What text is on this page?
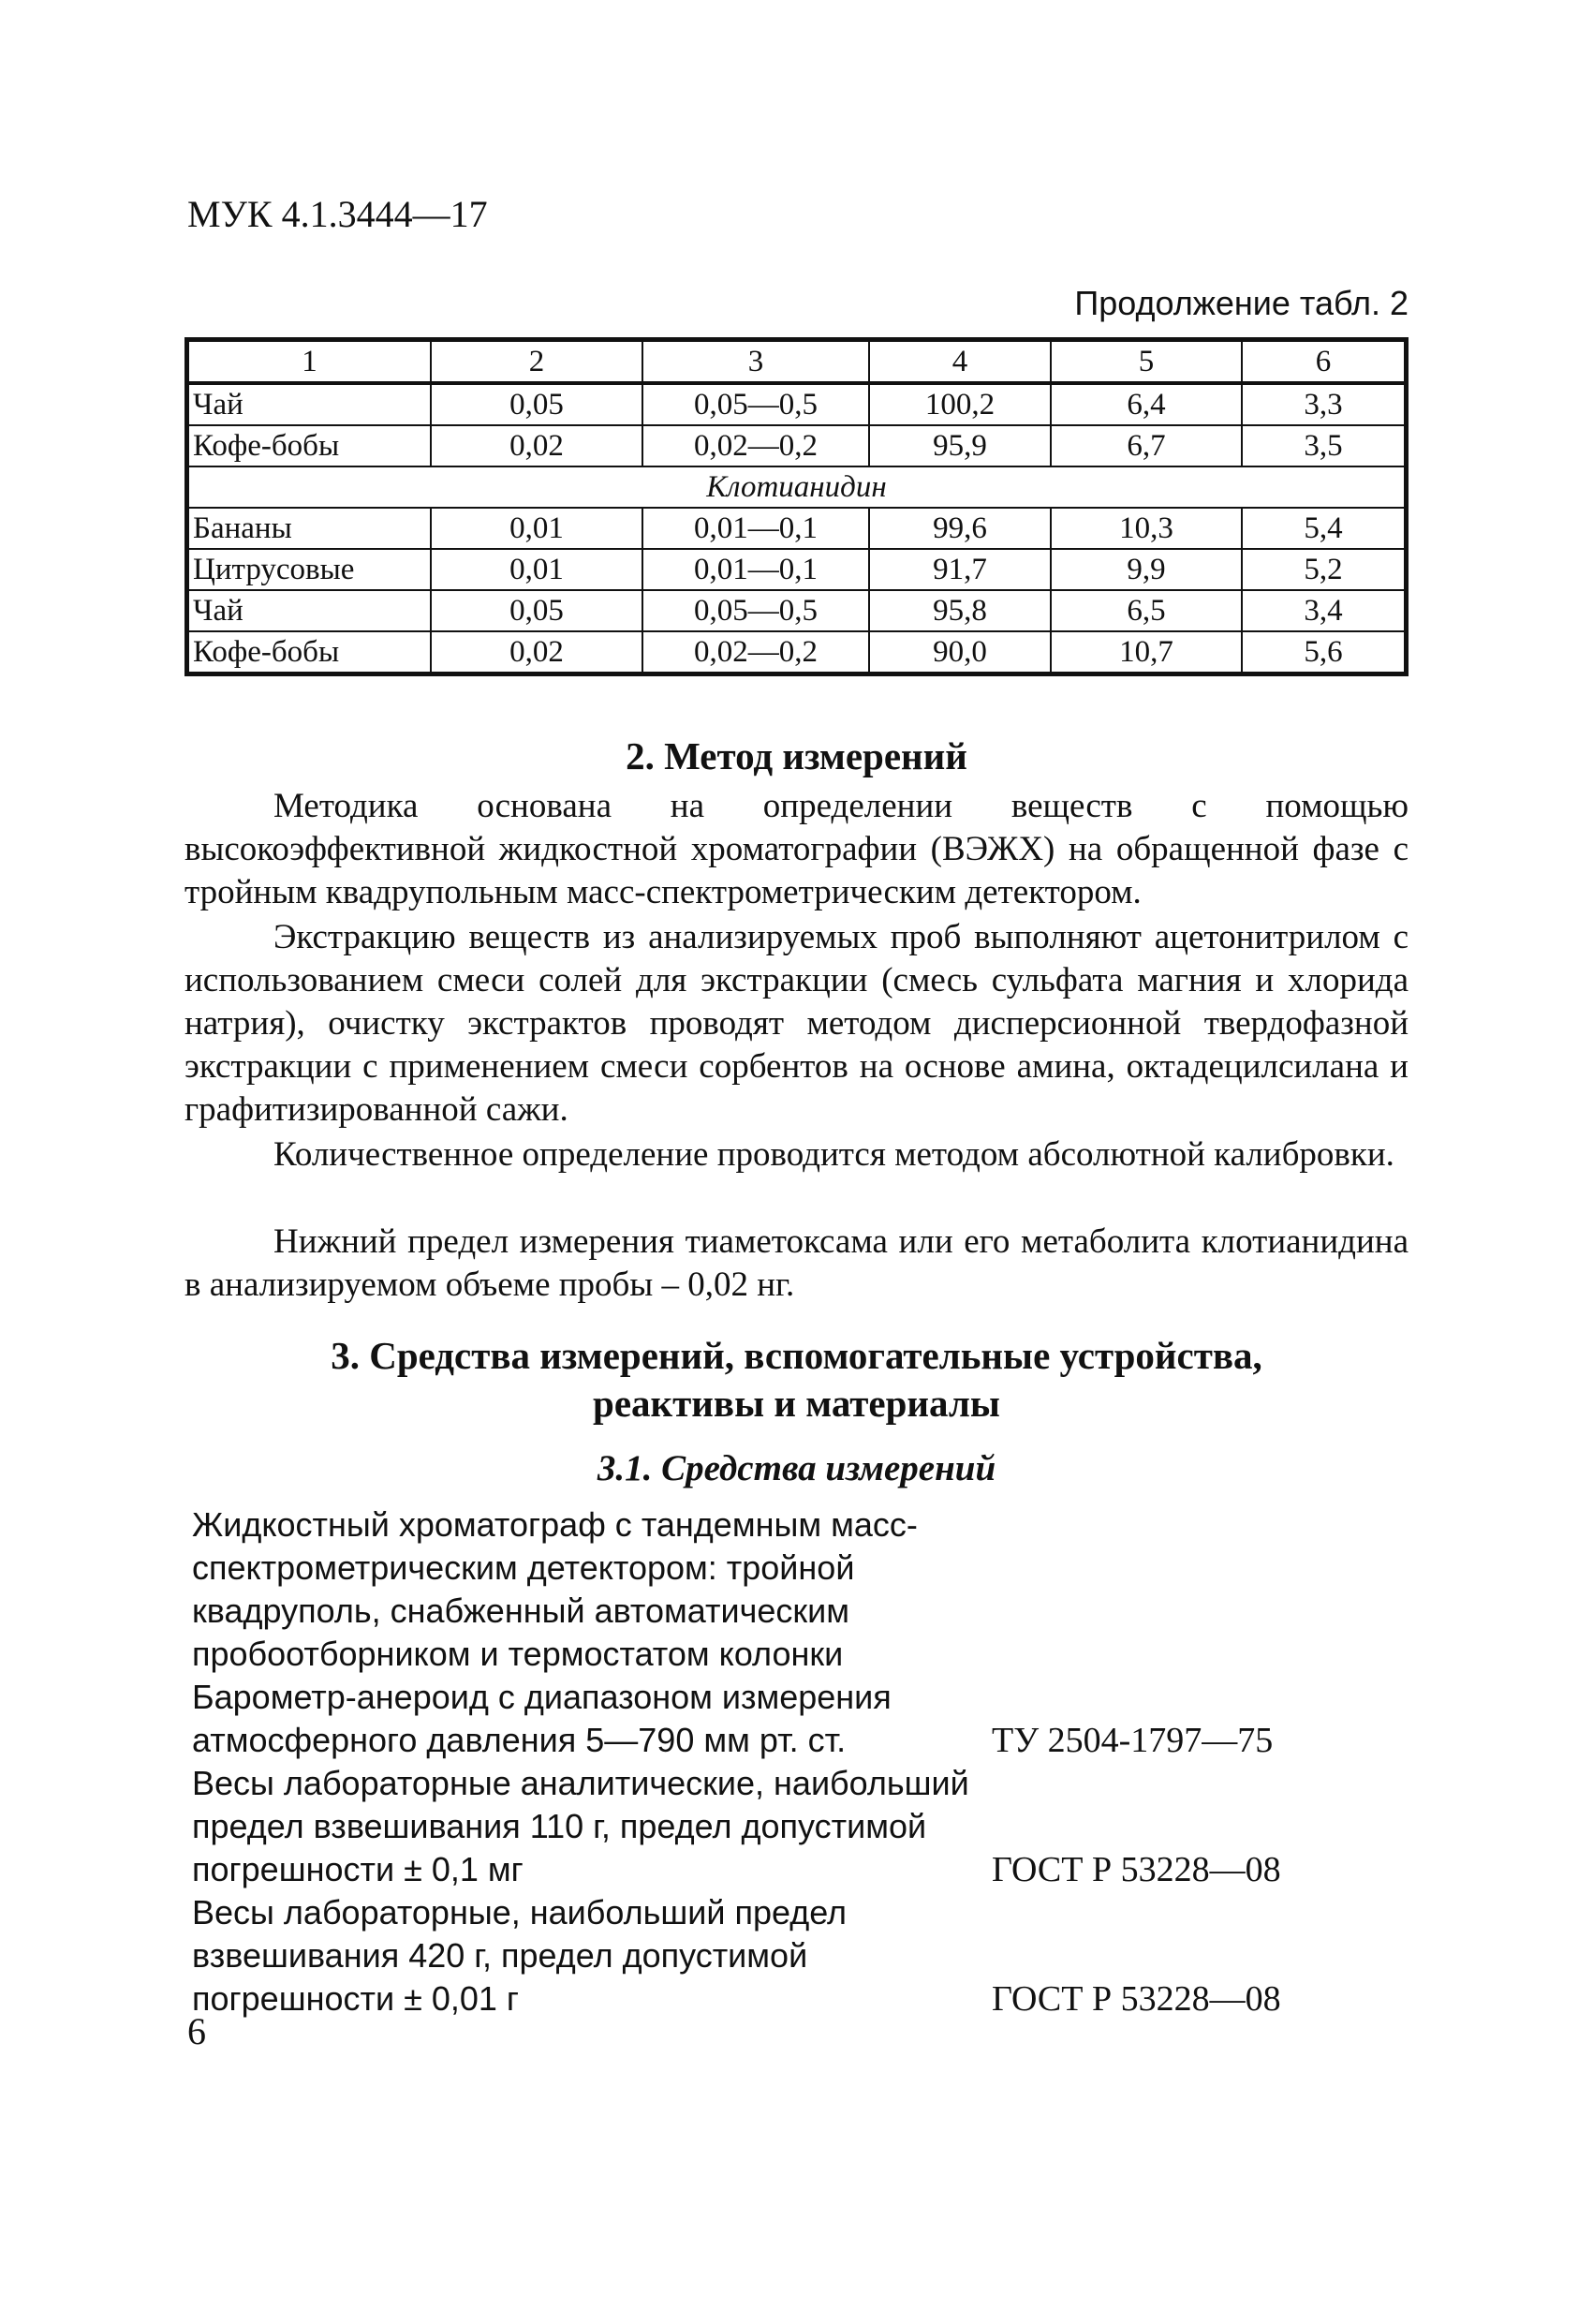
МУК 4.1.3444—17
Продолжение табл. 2
1	2	3	4	5	6
Чай	0,05	0,05—0,5	100,2	6,4	3,3
Кофе-бобы	0,02	0,02—0,2	95,9	6,7	3,5
Клотианидин					
Бананы	0,01	0,01—0,1	99,6	10,3	5,4
Цитрусовые	0,01	0,01—0,1	91,7	9,9	5,2
Чай	0,05	0,05—0,5	95,8	6,5	3,4
Кофе-бобы	0,02	0,02—0,2	90,0	10,7	5,6
2. Метод измерений
Методика основана на определении веществ с помощью высокоэффективной жидкостной хроматографии (ВЭЖХ) на обращенной фазе с тройным квадрупольным масс-спектрометрическим детектором.
Экстракцию веществ из анализируемых проб выполняют ацетонитрилом с использованием смеси солей для экстракции (смесь сульфата магния и хлорида натрия), очистку экстрактов проводят методом дисперсионной твердофазной экстракции с применением смеси сорбентов на основе амина, октадецилсилана и графитизированной сажи.
Количественное определение проводится методом абсолютной калибровки.
Нижний предел измерения тиаметоксама или его метаболита клотианидина в анализируемом объеме пробы – 0,02 нг.
3. Средства измерений, вспомогательные устройства,
реактивы и материалы
3.1. Средства измерений
Жидкостный хроматограф с тандемным масс-спектрометрическим детектором: тройной квадруполь, снабженный автоматическим пробоотборником и термостатом колонки
Барометр-анероид с диапазоном измерения атмосферного давления 5—790 мм рт. ст.	ТУ 2504-1797—75
Весы лабораторные аналитические, наибольший предел взвешивания 110 г, предел допустимой погрешности ± 0,1 мг	ГОСТ Р 53228—08
Весы лабораторные, наибольший предел взвешивания 420 г, предел допустимой погрешности ± 0,01 г	ГОСТ Р 53228—08
6
